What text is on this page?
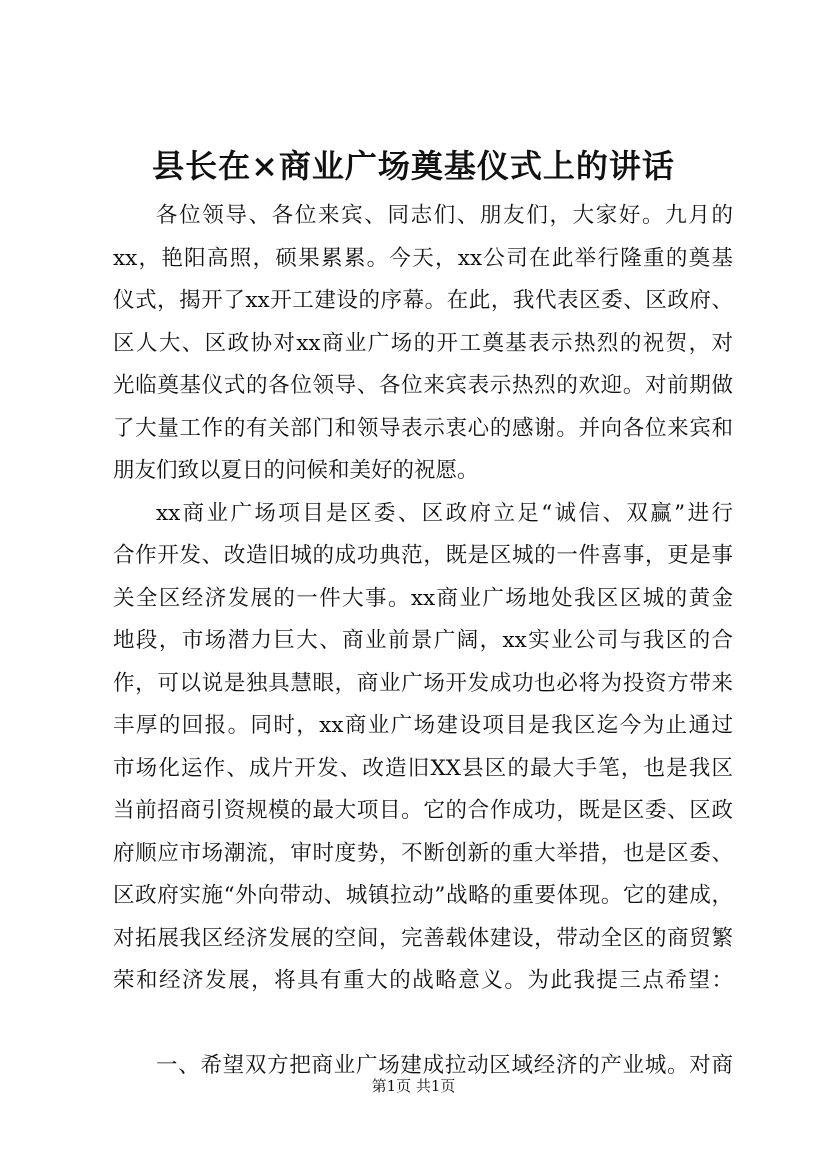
县长在×商业广场奠基仪式上的讲话
各位领导、各位来宾、同志们、朋友们，大家好。九月的
xx，艳阳高照，硕果累累。今天，xx公司在此举行隆重的奠基
仪式，揭开了xx开工建设的序幕。在此，我代表区委、区政府、
区人大、区政协对xx商业广场的开工奠基表示热烈的祝贺，对
光临奠基仪式的各位领导、各位来宾表示热烈的欢迎。对前期做
了大量工作的有关部门和领导表示衷心的感谢。并向各位来宾和
朋友们致以夏日的问候和美好的祝愿。
xx商业广场项目是区委、区政府立足“诚信、双赢”进行
合作开发、改造旧城的成功典范，既是区城的一件喜事，更是事
关全区经济发展的一件大事。xx商业广场地处我区区城的黄金
地段，市场潜力巨大、商业前景广阔，xx实业公司与我区的合
作，可以说是独具慧眼，商业广场开发成功也必将为投资方带来
丰厚的回报。同时，xx商业广场建设项目是我区迄今为止通过
市场化运作、成片开发、改造旧XX县区的最大手笔，也是我区
当前招商引资规模的最大项目。它的合作成功，既是区委、区政
府顺应市场潮流，审时度势，不断创新的重大举措，也是区委、
区政府实施“外向带动、城镇拉动”战略的重要体现。它的建成，
对拓展我区经济发展的空间，完善载体建设，带动全区的商贸繁
荣和经济发展，将具有重大的战略意义。为此我提三点希望：
一、希望双方把商业广场建成拉动区域经济的产业城。对商
第1页 共1页
